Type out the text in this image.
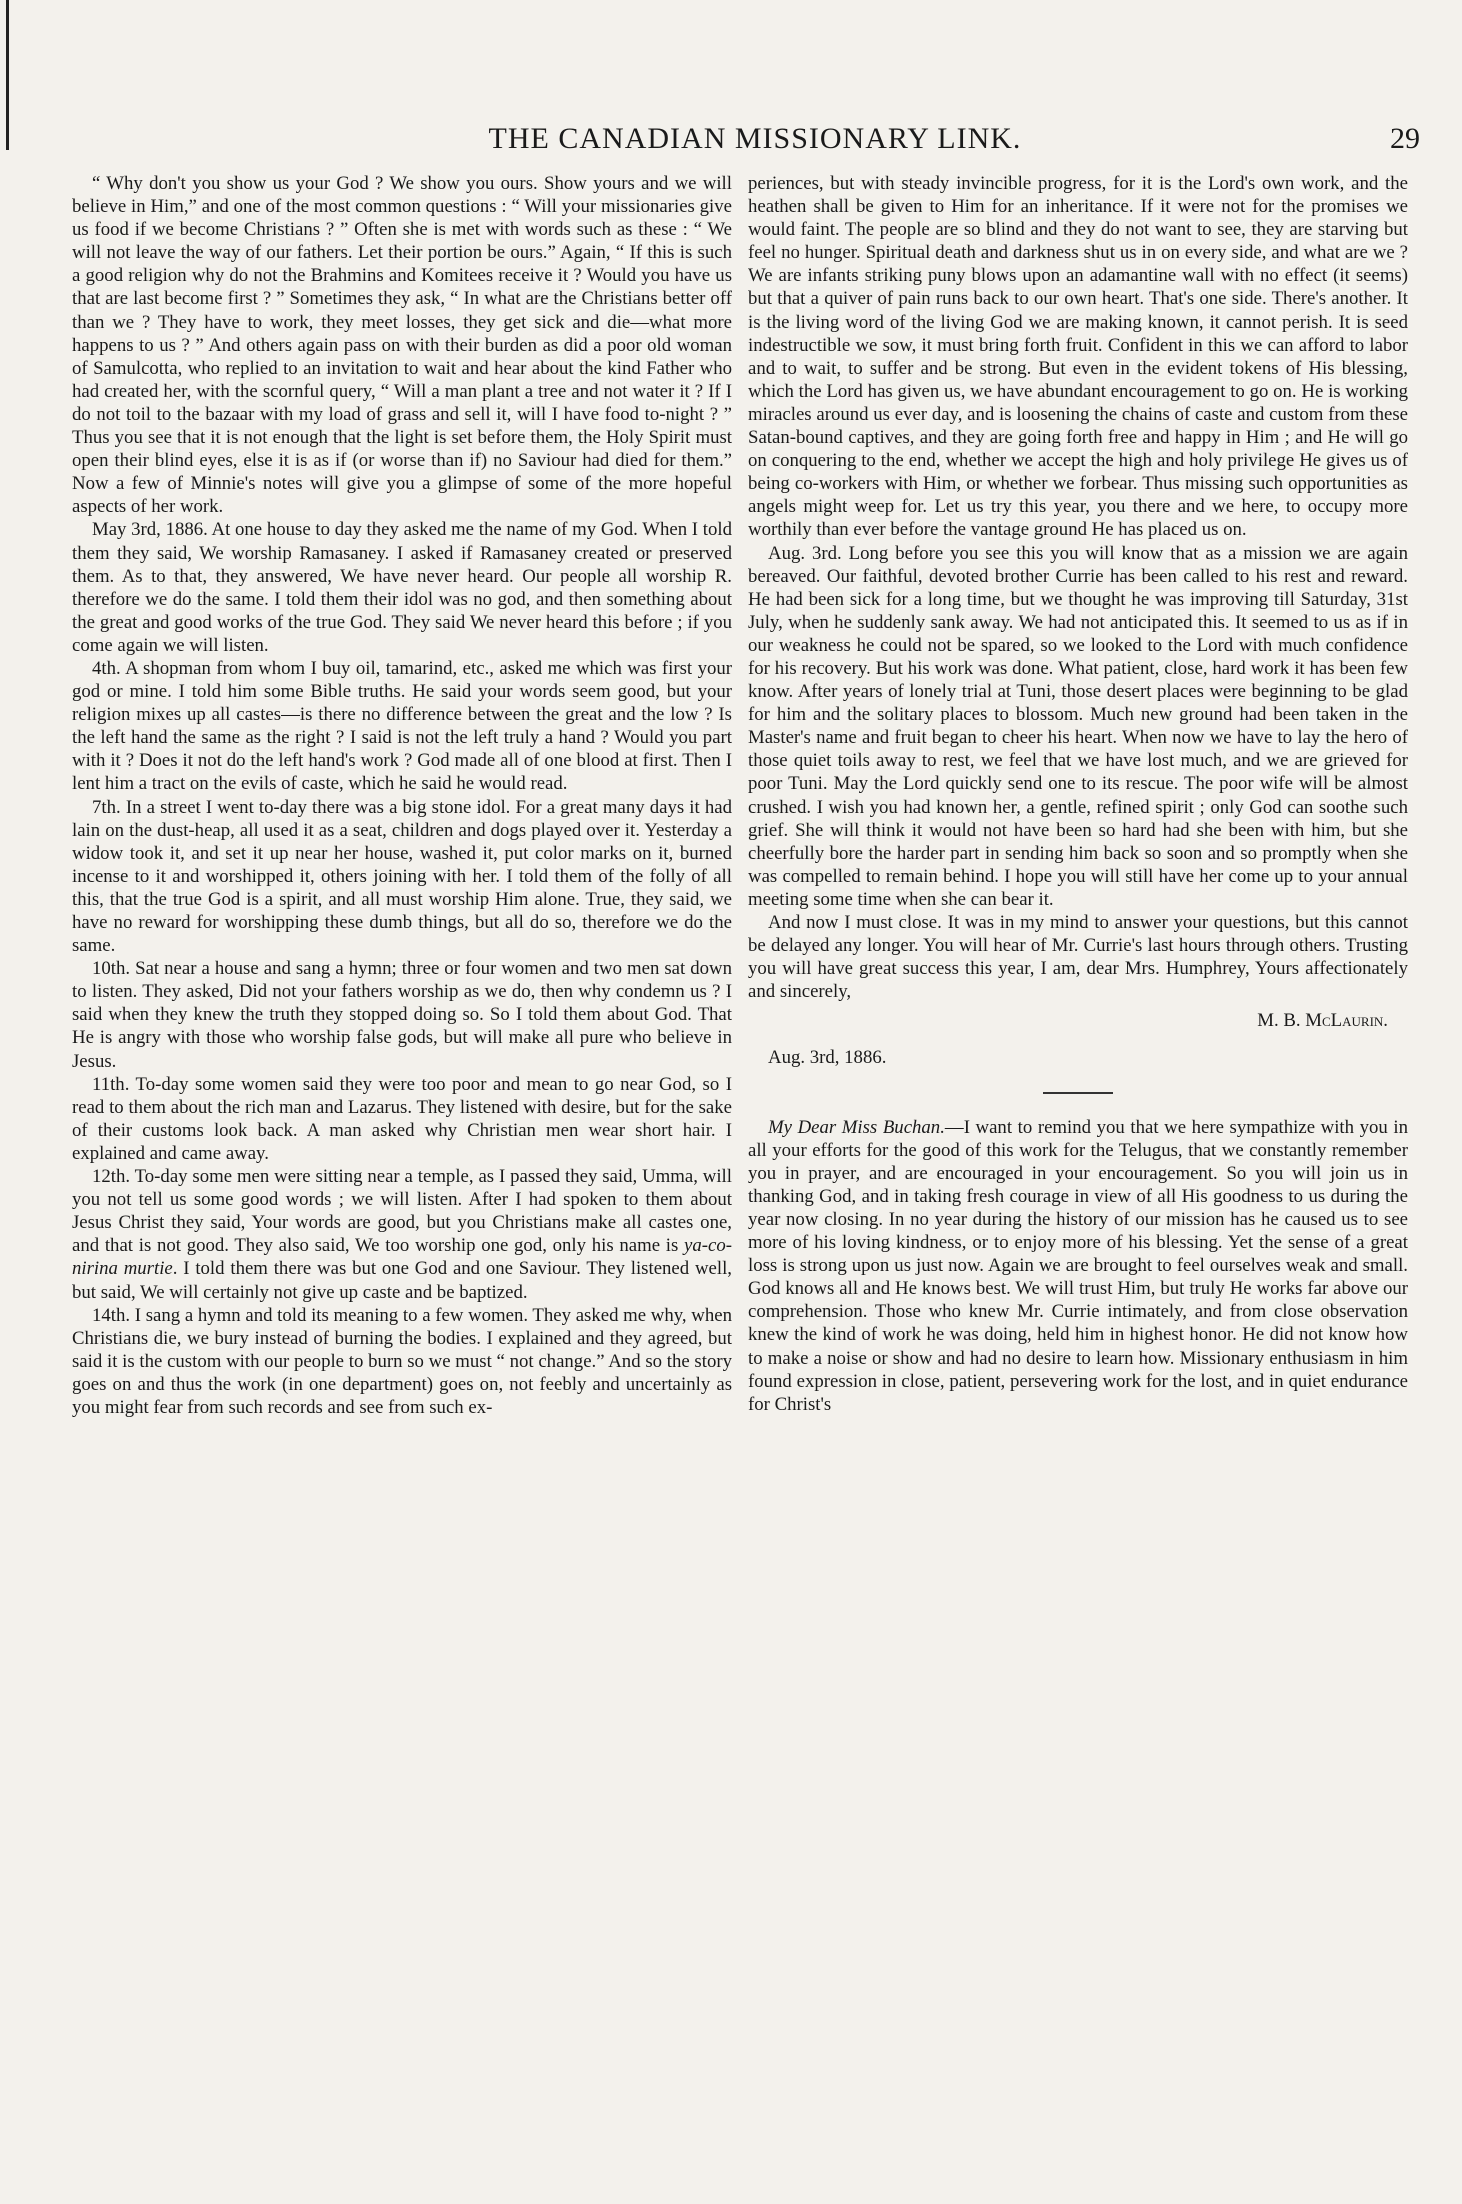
THE CANADIAN MISSIONARY LINK.	29

“ Why don't you show us your God ? We show you ours. Show yours and we will believe in Him,” and one of the most common questions : “ Will your missionaries give us food if we become Christians ? ” Often she is met with words such as these : “ We will not leave the way of our fathers. Let their portion be ours.” Again, “ If this is such a good religion why do not the Brahmins and Komitees receive it ? Would you have us that are last become first ? ” Sometimes they ask, “ In what are the Christians better off than we ? They have to work, they meet losses, they get sick and die—what more happens to us ? ” And others again pass on with their burden as did a poor old woman of Samulcotta, who replied to an invitation to wait and hear about the kind Father who had created her, with the scornful query, “ Will a man plant a tree and not water it ? If I do not toil to the bazaar with my load of grass and sell it, will I have food to-night ? ” Thus you see that it is not enough that the light is set before them, the Holy Spirit must open their blind eyes, else it is as if (or worse than if) no Saviour had died for them.” Now a few of Minnie's notes will give you a glimpse of some of the more hopeful aspects of her work.

May 3rd, 1886. At one house to day they asked me the name of my God. When I told them they said, We worship Ramasaney. I asked if Ramasaney created or preserved them. As to that, they answered, We have never heard. Our people all worship R. therefore we do the same. I told them their idol was no god, and then something about the great and good works of the true God. They said We never heard this before ; if you come again we will listen.

4th. A shopman from whom I buy oil, tamarind, etc., asked me which was first your god or mine. I told him some Bible truths. He said your words seem good, but your religion mixes up all castes—is there no difference between the great and the low ? Is the left hand the same as the right ? I said is not the left truly a hand ? Would you part with it ? Does it not do the left hand's work ? God made all of one blood at first. Then I lent him a tract on the evils of caste, which he said he would read.

7th. In a street I went to-day there was a big stone idol. For a great many days it had lain on the dust-heap, all used it as a seat, children and dogs played over it. Yesterday a widow took it, and set it up near her house, washed it, put color marks on it, burned incense to it and worshipped it, others joining with her. I told them of the folly of all this, that the true God is a spirit, and all must worship Him alone. True, they said, we have no reward for worshipping these dumb things, but all do so, therefore we do the same.

10th. Sat near a house and sang a hymn; three or four women and two men sat down to listen. They asked, Did not your fathers worship as we do, then why condemn us ? I said when they knew the truth they stopped doing so. So I told them about God. That He is angry with those who worship false gods, but will make all pure who believe in Jesus.

11th. To-day some women said they were too poor and mean to go near God, so I read to them about the rich man and Lazarus. They listened with desire, but for the sake of their customs look back. A man asked why Christian men wear short hair. I explained and came away.

12th. To-day some men were sitting near a temple, as I passed they said, Umma, will you not tell us some good words ; we will listen. After I had spoken to them about Jesus Christ they said, Your words are good, but you Christians make all castes one, and that is not good. They also said, We too worship one god, only his name is ya-co-nirina murtie. I told them there was but one God and one Saviour. They listened well, but said, We will certainly not give up caste and be baptized.

14th. I sang a hymn and told its meaning to a few women. They asked me why, when Christians die, we bury instead of burning the bodies. I explained and they agreed, but said it is the custom with our people to burn so we must “ not change.” And so the story goes on and thus the work (in one department) goes on, not feebly and uncertainly as you might fear from such records and see from such ex-

periences, but with steady invincible progress, for it is the Lord's own work, and the heathen shall be given to Him for an inheritance. If it were not for the promises we would faint. The people are so blind and they do not want to see, they are starving but feel no hunger. Spiritual death and darkness shut us in on every side, and what are we ? We are infants striking puny blows upon an adamantine wall with no effect (it seems) but that a quiver of pain runs back to our own heart. That's one side. There's another. It is the living word of the living God we are making known, it cannot perish. It is seed indestructible we sow, it must bring forth fruit. Confident in this we can afford to labor and to wait, to suffer and be strong. But even in the evident tokens of His blessing, which the Lord has given us, we have abundant encouragement to go on. He is working miracles around us ever day, and is loosening the chains of caste and custom from these Satan-bound captives, and they are going forth free and happy in Him ; and He will go on conquering to the end, whether we accept the high and holy privilege He gives us of being co-workers with Him, or whether we forbear. Thus missing such opportunities as angels might weep for. Let us try this year, you there and we here, to occupy more worthily than ever before the vantage ground He has placed us on.

Aug. 3rd. Long before you see this you will know that as a mission we are again bereaved. Our faithful, devoted brother Currie has been called to his rest and reward. He had been sick for a long time, but we thought he was improving till Saturday, 31st July, when he suddenly sank away. We had not anticipated this. It seemed to us as if in our weakness he could not be spared, so we looked to the Lord with much confidence for his recovery. But his work was done. What patient, close, hard work it has been few know. After years of lonely trial at Tuni, those desert places were beginning to be glad for him and the solitary places to blossom. Much new ground had been taken in the Master's name and fruit began to cheer his heart. When now we have to lay the hero of those quiet toils away to rest, we feel that we have lost much, and we are grieved for poor Tuni. May the Lord quickly send one to its rescue. The poor wife will be almost crushed. I wish you had known her, a gentle, refined spirit ; only God can soothe such grief. She will think it would not have been so hard had she been with him, but she cheerfully bore the harder part in sending him back so soon and so promptly when she was compelled to remain behind. I hope you will still have her come up to your annual meeting some time when she can bear it.

And now I must close. It was in my mind to answer your questions, but this cannot be delayed any longer. You will hear of Mr. Currie's last hours through others. Trusting you will have great success this year, I am, dear Mrs. Humphrey, Yours affectionately and sincerely,

M. B. McLaurin.
Aug. 3rd, 1886.

My Dear Miss Buchan.—I want to remind you that we here sympathize with you in all your efforts for the good of this work for the Telugus, that we constantly remember you in prayer, and are encouraged in your encouragement. So you will join us in thanking God, and in taking fresh courage in view of all His goodness to us during the year now closing. In no year during the history of our mission has he caused us to see more of his loving kindness, or to enjoy more of his blessing. Yet the sense of a great loss is strong upon us just now. Again we are brought to feel ourselves weak and small. God knows all and He knows best. We will trust Him, but truly He works far above our comprehension. Those who knew Mr. Currie intimately, and from close observation knew the kind of work he was doing, held him in highest honor. He did not know how to make a noise or show and had no desire to learn how. Missionary enthusiasm in him found expression in close, patient, persevering work for the lost, and in quiet endurance for Christ's
